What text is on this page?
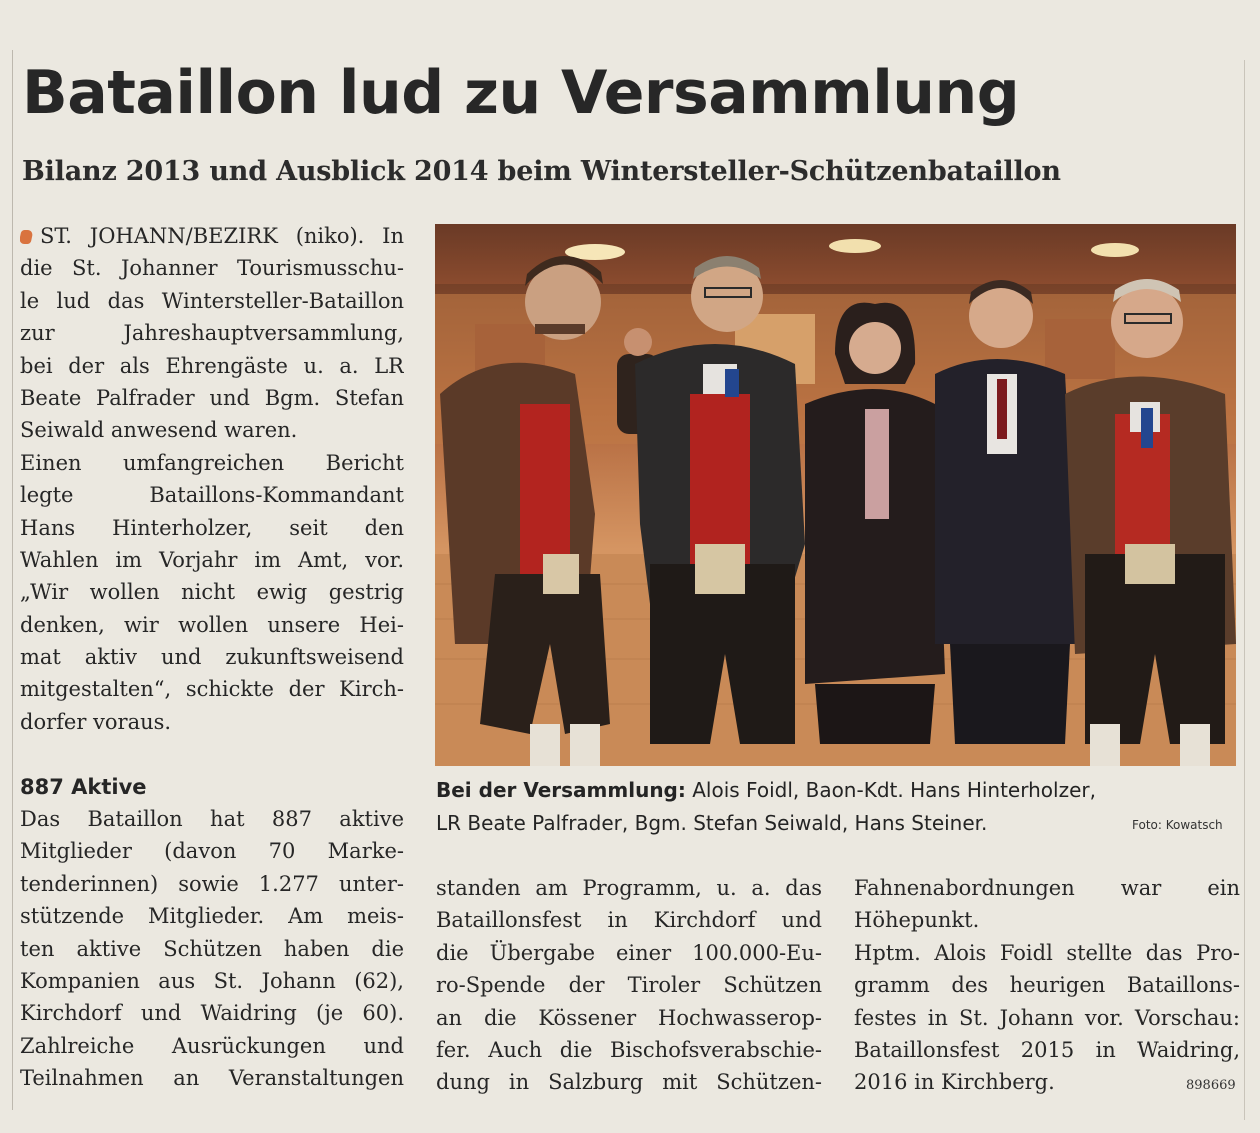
Bataillon lud zu Versammlung
Bilanz 2013 und Ausblick 2014 beim Wintersteller-Schützenbataillon
ST. JOHANN/BEZIRK (niko). In
die St. Johanner Tourismusschu-
le lud das Wintersteller-Bataillon
zur Jahreshauptversammlung,
bei der als Ehrengäste u. a. LR
Beate Palfrader und Bgm. Stefan
Seiwald anwesend waren.
Einen umfangreichen Bericht
legte Bataillons-Kommandant
Hans Hinterholzer, seit den
Wahlen im Vorjahr im Amt, vor.
„Wir wollen nicht ewig gestrig
denken, wir wollen unsere Hei-
mat aktiv und zukunftsweisend
mitgestalten“, schickte der Kirch-
dorfer voraus.
887 Aktive
Das Bataillon hat 887 aktive
Mitglieder (davon 70 Marke-
tenderinnen) sowie 1.277 unter-
stützende Mitglieder. Am meis-
ten aktive Schützen haben die
Kompanien aus St. Johann (62),
Kirchdorf und Waidring (je 60).
Zahlreiche Ausrückungen und
Teilnahmen an Veranstaltungen
Bei der Versammlung: Alois Foidl, Baon-Kdt. Hans Hinterholzer,
LR Beate Palfrader, Bgm. Stefan Seiwald, Hans Steiner.	Foto: Kowatsch
standen am Programm, u. a. das
Bataillonsfest in Kirchdorf und
die Übergabe einer 100.000-Eu-
ro-Spende der Tiroler Schützen
an die Kössener Hochwasserop-
fer. Auch die Bischofsverabschie-
dung in Salzburg mit Schützen-
Fahnenabordnungen war ein
Höhepunkt.
Hptm. Alois Foidl stellte das Pro-
gramm des heurigen Bataillons-
festes in St. Johann vor. Vorschau:
Bataillonsfest 2015 in Waidring,
2016 in Kirchberg.	898669
